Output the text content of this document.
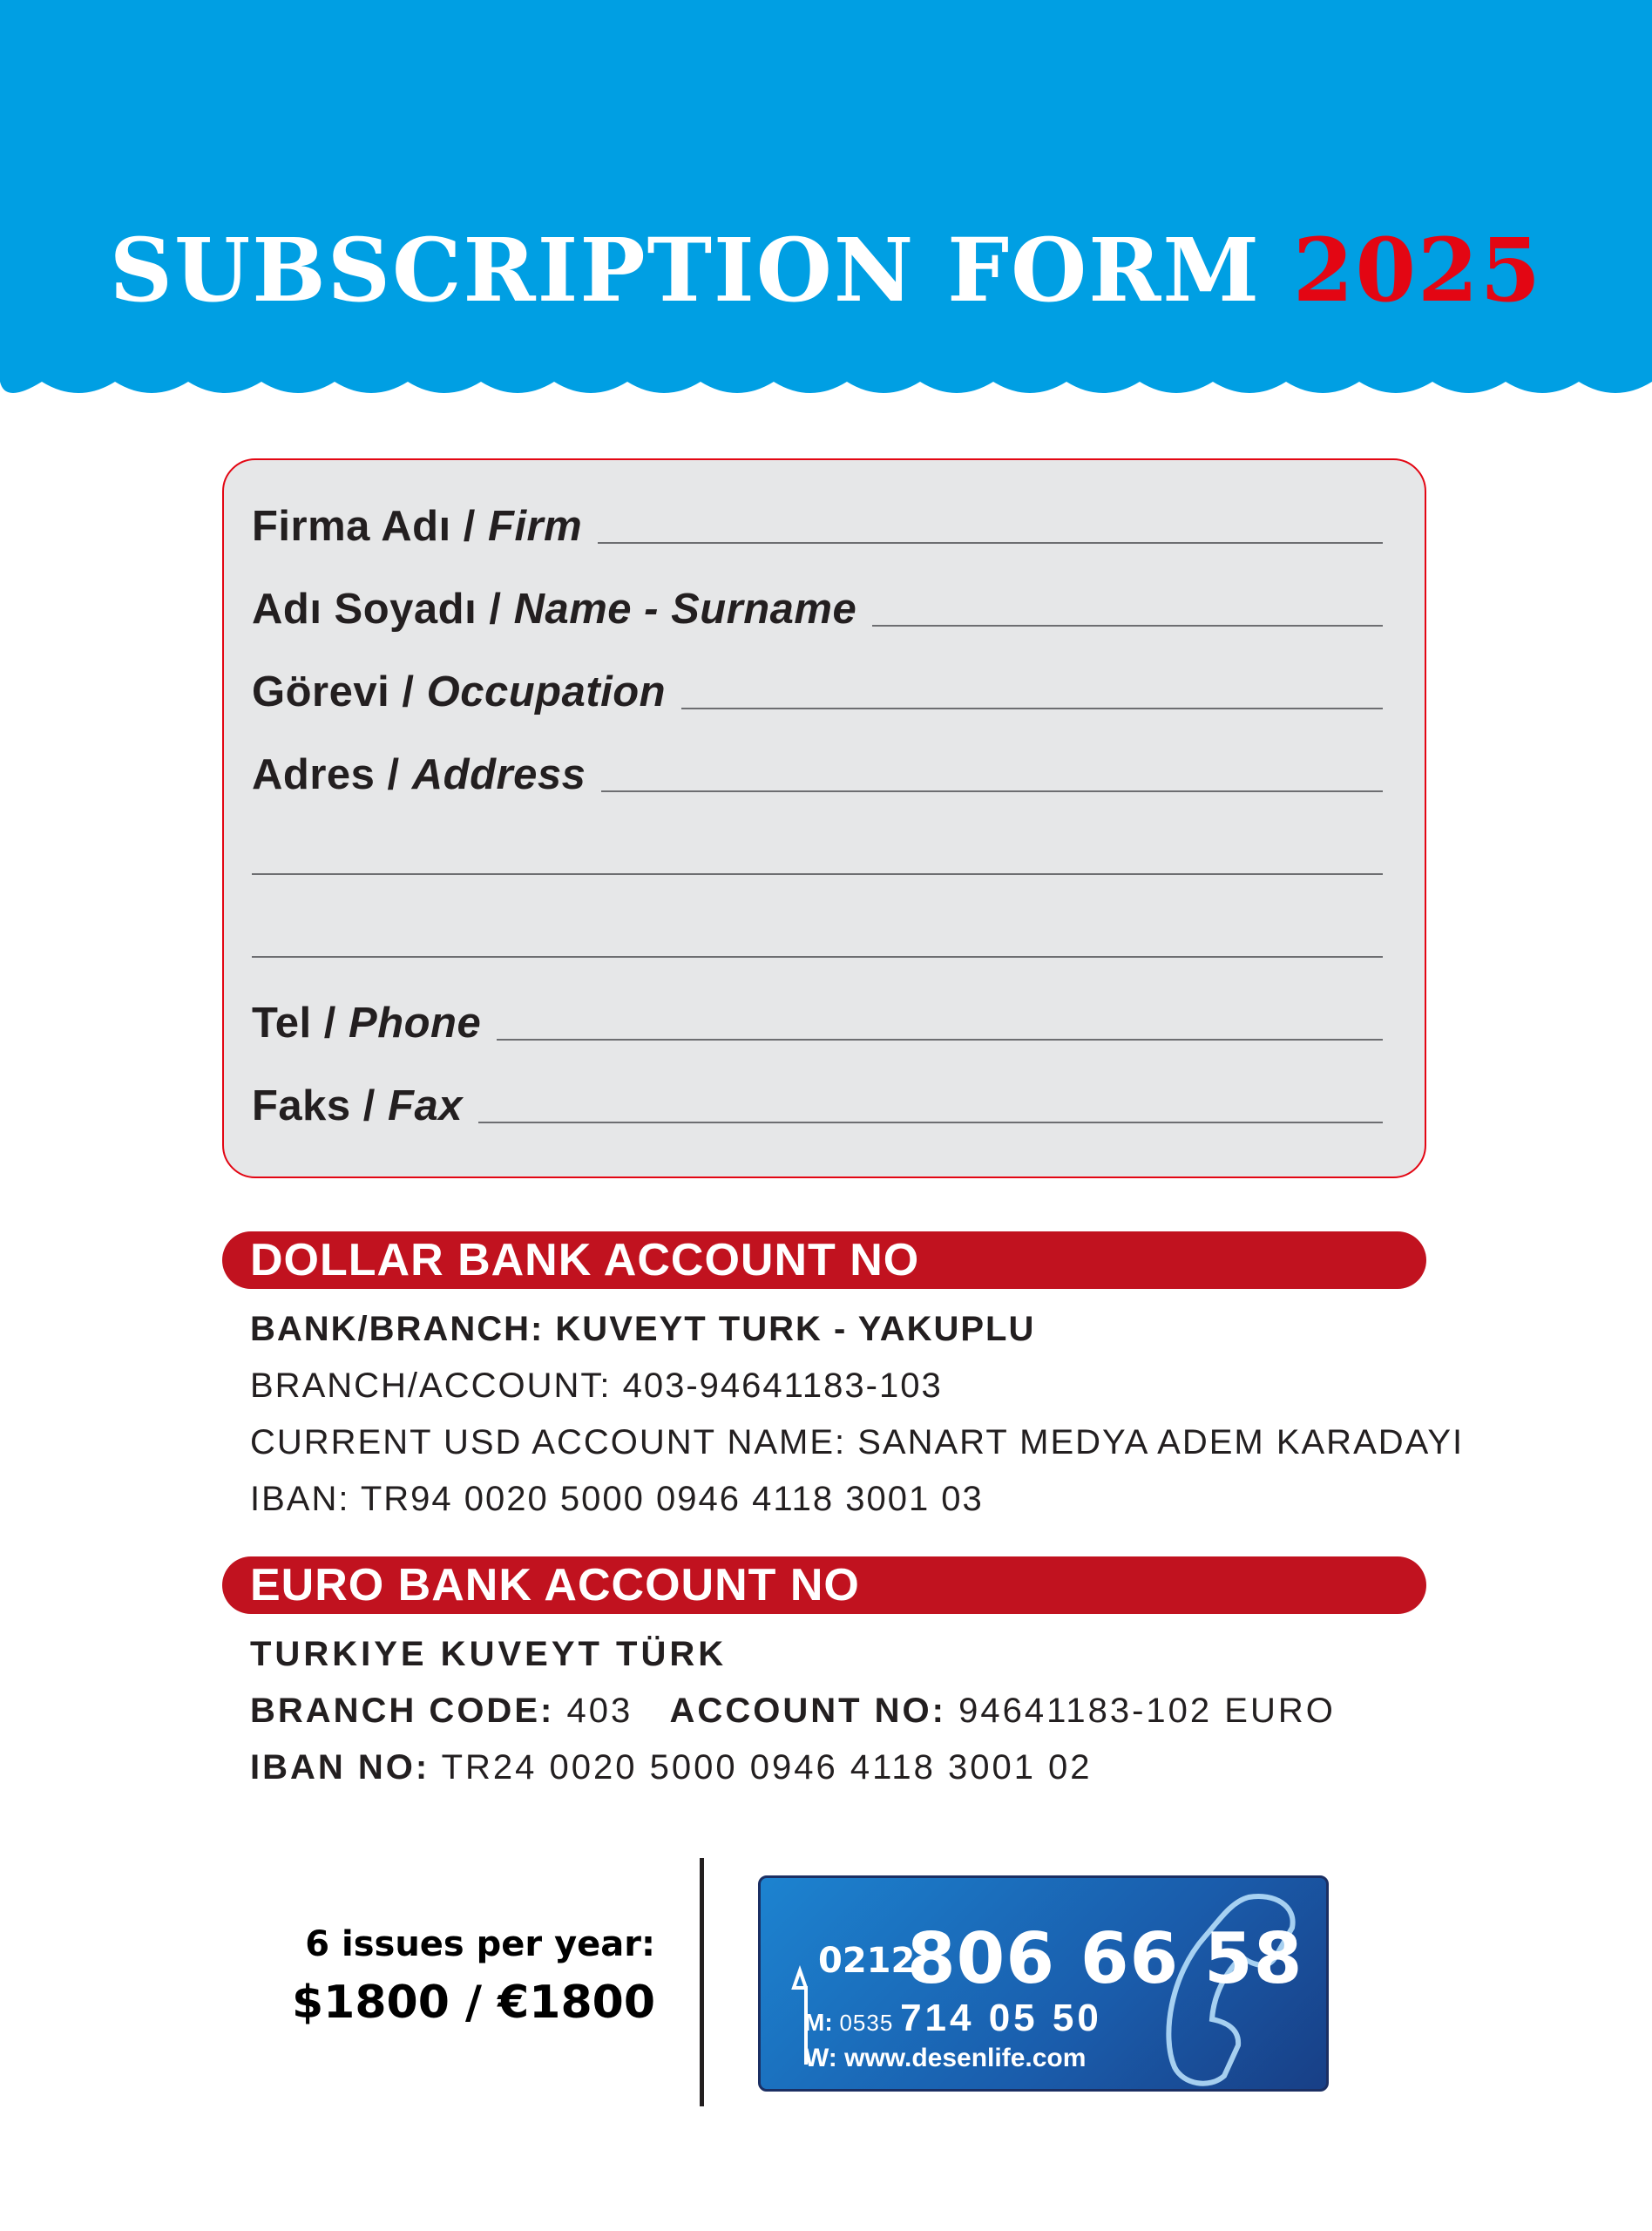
SUBSCRIPTION FORM 2025
Firma Adı / Firm
Adı Soyadı / Name - Surname
Görevi / Occupation
Adres / Address
Tel / Phone
Faks / Fax
DOLLAR BANK ACCOUNT NO
BANK/BRANCH: KUVEYT TURK - YAKUPLU
BRANCH/ACCOUNT: 403-94641183-103
CURRENT USD ACCOUNT NAME: SANART MEDYA ADEM KARADAYI
IBAN: TR94 0020 5000 0946 4118 3001 03
EURO BANK ACCOUNT NO
TURKIYE KUVEYT TÜRK
BRANCH CODE: 403 ACCOUNT NO: 94641183-102 EURO
IBAN NO: TR24 0020 5000 0946 4118 3001 02
6 issues per year:
$1800 / €1800
0212
806 66 58
M: 0535 714 05 50
W: www.desenlife.com
